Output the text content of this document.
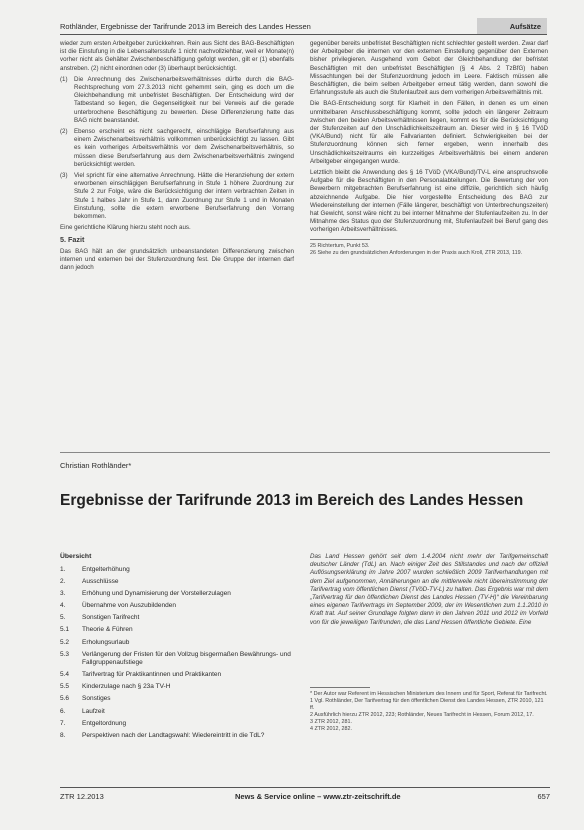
Rothländer, Ergebnisse der Tarifrunde 2013 im Bereich des Landes Hessen	Aufsätze

wieder zum ersten Arbeitgeber zurückkehren. Rein aus Sicht des BAG-Beschäftigten ist die Einstufung in die Lebensaltersstufe 1 nicht nachvollziehbar, weil er Monate(n) vorher nicht als Gehälter Zwischenbeschäftigung gefolgt werden, gilt er (1) ebenfalls anstreben. (2) nicht einordnen oder (3) überhaupt berücksichtigt.

(1)	Die Anrechnung des Zwischenarbeitsverhältnisses dürfte durch die BAG-Rechtsprechung vom 27.3.2013 nicht gehemmt sein, ging es doch um die Gleichbehandlung mit unbefristet Beschäftigten. Der Entscheidung wird der Tatbestand so liegen, die Gegenseitigkeit nur bei Verweis auf die gerade unterbrochene Beschäftigung zu bewerten. Diese Differenzierung hatte das BAG nicht beanstandet.
(2)	Ebenso erscheint es nicht sachgerecht, einschlägige Berufserfahrung aus einem Zwischenarbeitsverhältnis vollkommen unberücksichtigt zu lassen. Gibt es kein vorheriges Arbeitsverhältnis vor dem Zwischenarbeitsverhältnis, so müssen diese Berufserfahrung aus dem Zwischenarbeitsverhältnis zwingend berücksichtigt werden.
(3)	Viel spricht für eine alternative Anrechnung. Hätte die Heranziehung der extern erworbenen einschlägigen Berufserfahrung in Stufe 1 höhere Zuordnung zur Stufe 2 zur Folge, wäre die Berücksichtigung der intern verbrachten Zeiten in Stufe 1 halbes Jahr in Stufe 1, dann Zuordnung zur Stufe 1 und in Monaten Einstufung, sollte die extern erworbene Berufserfahrung den Vorrang bekommen.

Eine gerichtliche Klärung hierzu steht noch aus.

5. Fazit

Das BAG hält an der grundsätzlich unbeanstandeten Differenzierung zwischen internen und externen bei der Stufenzuordnung fest. Die Gruppe der internen darf dann jedoch

gegenüber bereits unbefristet Beschäftigten nicht schlechter gestellt werden. Zwar darf der Arbeitgeber die internen vor den externen Einstellung gegenüber den Externen bisher privilegieren. Ausgehend vom Gebot der Gleichbehandlung der befristet Beschäftigten mit den unbefristet Beschäftigten (§ 4 Abs. 2 TzBfG) haben Missachtungen bei der Stufenzuordnung jedoch im Leere. Faktisch müssen alle Beschäftigten, die beim selben Arbeitgeber erneut tätig werden, dann sowohl die Erfahrungsstufe als auch die Stufenlaufzeit aus dem vorherigen Arbeitsverhältnis mit.

Die BAG-Entscheidung sorgt für Klarheit in den Fällen, in denen es um einen unmittelbaren Anschlussbeschäftigung kommt, sollte jedoch ein längerer Zeitraum zwischen den beiden Arbeitsverhältnissen liegen, kommt es für die Berücksichtigung der Stufenzeiten auf den Unschädlichkeitszeitraum an. Dieser wird in § 16 TVöD (VKA/Bund) nicht für alle Fallvarianten definiert. Schwierigkeiten bei der Stufenzuordnung können sich ferner ergeben, wenn innerhalb des Unschädlichkeitszeitraums ein kurzzeitiges Arbeitsverhältnis bei einem anderen Arbeitgeber eingegangen wurde.

Letztlich bleibt die Anwendung des § 16 TVöD (VKA/Bund)/TV-L eine anspruchsvolle Aufgabe für die Beschäftigten in den Personalabteilungen. Die Bewertung der von Bewerbern mitgebrachten Berufserfahrung ist eine diffizile, gerichtlich sich häufig abzeichnende Aufgabe. Die hier vorgestellte Entscheidung des BAG zur Wiedereinstellung der internen (Fälle längerer, beschäftigt von Unterbrechungszeiten) hat Gewicht, sonst wäre nicht zu bei interner Mitnahme der Stufenlaufzeiten zu. In der Mitnahme des Status quo der Stufenzuordnung mit, Stufenlaufzeit bei Beruf gang des vorherigen Arbeitsverhältnisses.

25 Richtertum, Punkt 53.
26 Siehe zu den grundsätzlichen Anforderungen in der Praxis auch Kroll, ZTR 2013, 119.
Christian Rothländer*
Ergebnisse der Tarifrunde 2013 im Bereich des Landes Hessen
Übersicht
1.	Entgelterhöhung
2.	Ausschlüsse
3.	Erhöhung und Dynamisierung der Vorstellerzulagen
4.	Übernahme von Auszubildenden
5.	Sonstigen Tarifrecht
5.1	Theorie & Führen
5.2	Erholungsurlaub
5.3	Verlängerung der Fristen für den Vollzug bisgermaßen Bewährungs- und Fallgruppenaufstiege
5.4	Tarifvertrag für Praktikantinnen und Praktikanten
5.5	Kinderzulage nach § 23a TV-H
5.6	Sonstiges
6.	Laufzeit
7.	Entgeltordnung
8.	Perspektiven nach der Landtagswahl: Wiedereintritt in die TdL?
Das Land Hessen gehört seit dem 1.4.2004 nicht mehr der Tarifgemeinschaft deutscher Länder (TdL) an. Nach einiger Zeit des Stillstandes und nach der offiziell Auflösungserklärung im Jahre 2007 wurden schließlich 2009 Tarifverhandlungen mit dem Ziel aufgenommen, Annäherungen an die mittlerweile nicht übereinstimmung der Tarifvertrag vom öffentlichen Dienst (TVöD-TV-L) zu halten. Das Ergebnis war mit dem „Tarifvertrag für den öffentlichen Dienst des Landes Hessen (TV-H)“ die Vereinbarung eines eigenen Tarifvertrags im September 2009, der im Wesentlichen zum 1.1.2010 in Kraft trat. Auf seiner Grundlage folgten dann in den Jahren 2011 und 2012 im Vorfeld von für die jeweiligen Tarifrunden, die das Land Hessen öffentliche Gebiete. Eine
* Der Autor war Referent im Hessischen Ministerium des Innern und für Sport, Referat für Tarifrecht.
1 Vgl. Rothländer, Der Tarifvertrag für den öffentlichen Dienst des Landes Hessen, ZTR 2010, 121 ff.
2 Ausführlich hierzu ZTR 2012, 223; Rothländer, Neues Tarifrecht in Hessen, Forum 2012, 17.
3 ZTR 2012, 281.
4 ZTR 2012, 282.
ZTR 12.2013	News & Service online – www.ztr-zeitschrift.de	657
